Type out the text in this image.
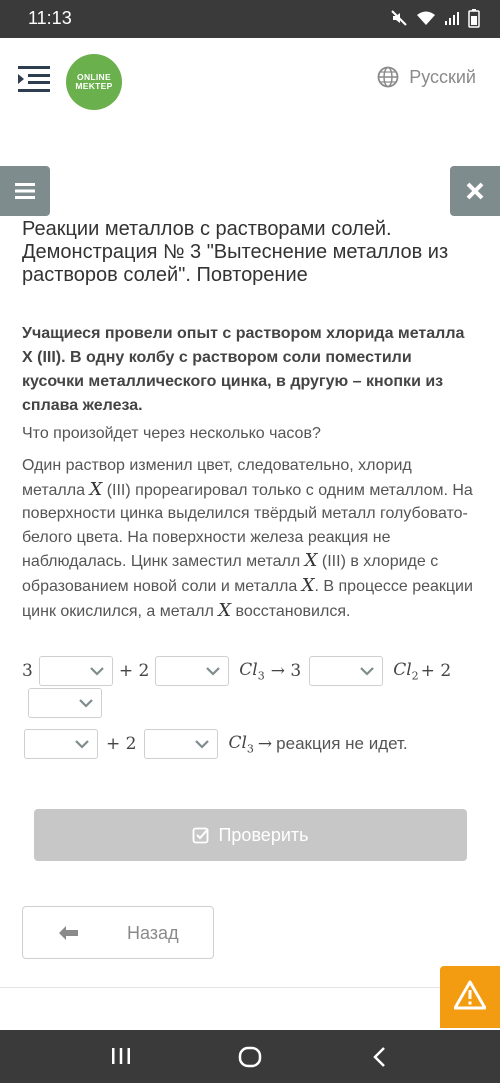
11:13
ONLINE
MEKTEP	Русский
Реакции металлов с растворами солей. Демонстрация № 3 "Вытеснение металлов из растворов солей". Повторение

Учащиеся провели опыт с раствором хлорида металла X (III). В одну колбу с раствором соли поместили кусочки металлического цинка, в другую – кнопки из сплава железа.

Что произойдет через несколько часов?

Один раствор изменил цвет, следовательно, хлорид металла X (III) прореагировал только с одним металлом. На поверхности цинка выделился твёрдый металл голубовато-белого цвета. На поверхности железа реакция не наблюдалась. Цинк заместил металл X (III) в хлориде с образованием новой соли и металла X. В процессе реакции цинк окислился, а металл X восстановился.

3	+ 2	$Cl_3 \to 3$	$Cl_2 + 2$
+ 2	$Cl_3$ → реакция не идет.
Проверить
Назад
